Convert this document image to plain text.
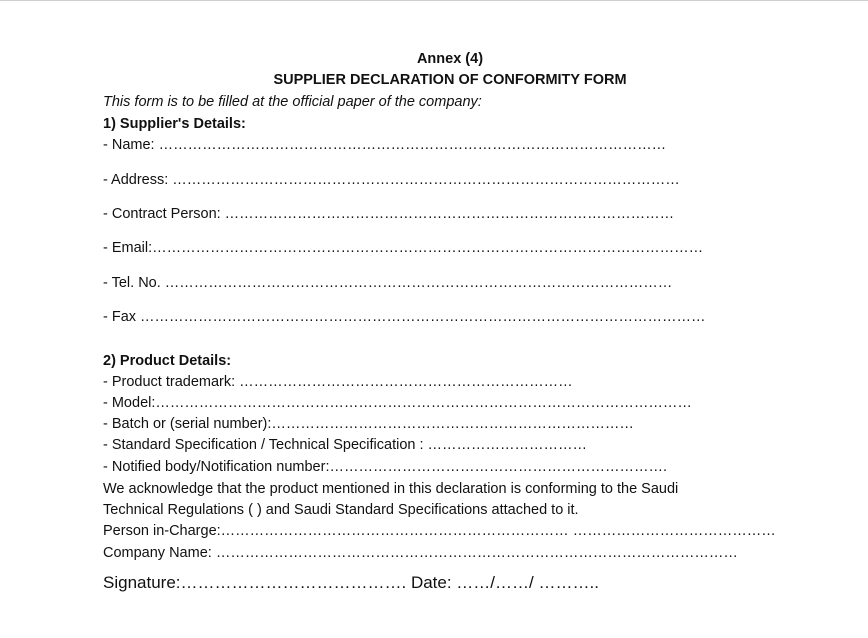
Annex (4)
SUPPLIER DECLARATION OF CONFORMITY FORM
This form is to be filled at the official paper of the company:
1) Supplier's Details:
- Name: ……………………………………………………………………………………………
- Address: ……………………………………………………………………………………………
- Contract Person: …………………………………………………………………………………
- Email:……………………………………………………………………………………………………
- Tel. No. ……………………………………………………………………………………………
- Fax ………………………………………………………………………………………………………
2) Product Details:
- Product trademark: ……………………………………………………………
- Model:…………………………………………………………………………………………………
- Batch or (serial number):…………………………………………………………………
- Standard Specification / Technical Specification : ……………………………
- Notified body/Notification number:…………………………………………………………….
We acknowledge that the product mentioned in this declaration is conforming to the Saudi
Technical Regulations ( ) and Saudi Standard Specifications attached to it.
Person in-Charge:……………………………………………………………… ……………………………………
Company Name: ………………………………………………………………………………………………
Signature:…………………………………. Date: ……/……/ ………..
